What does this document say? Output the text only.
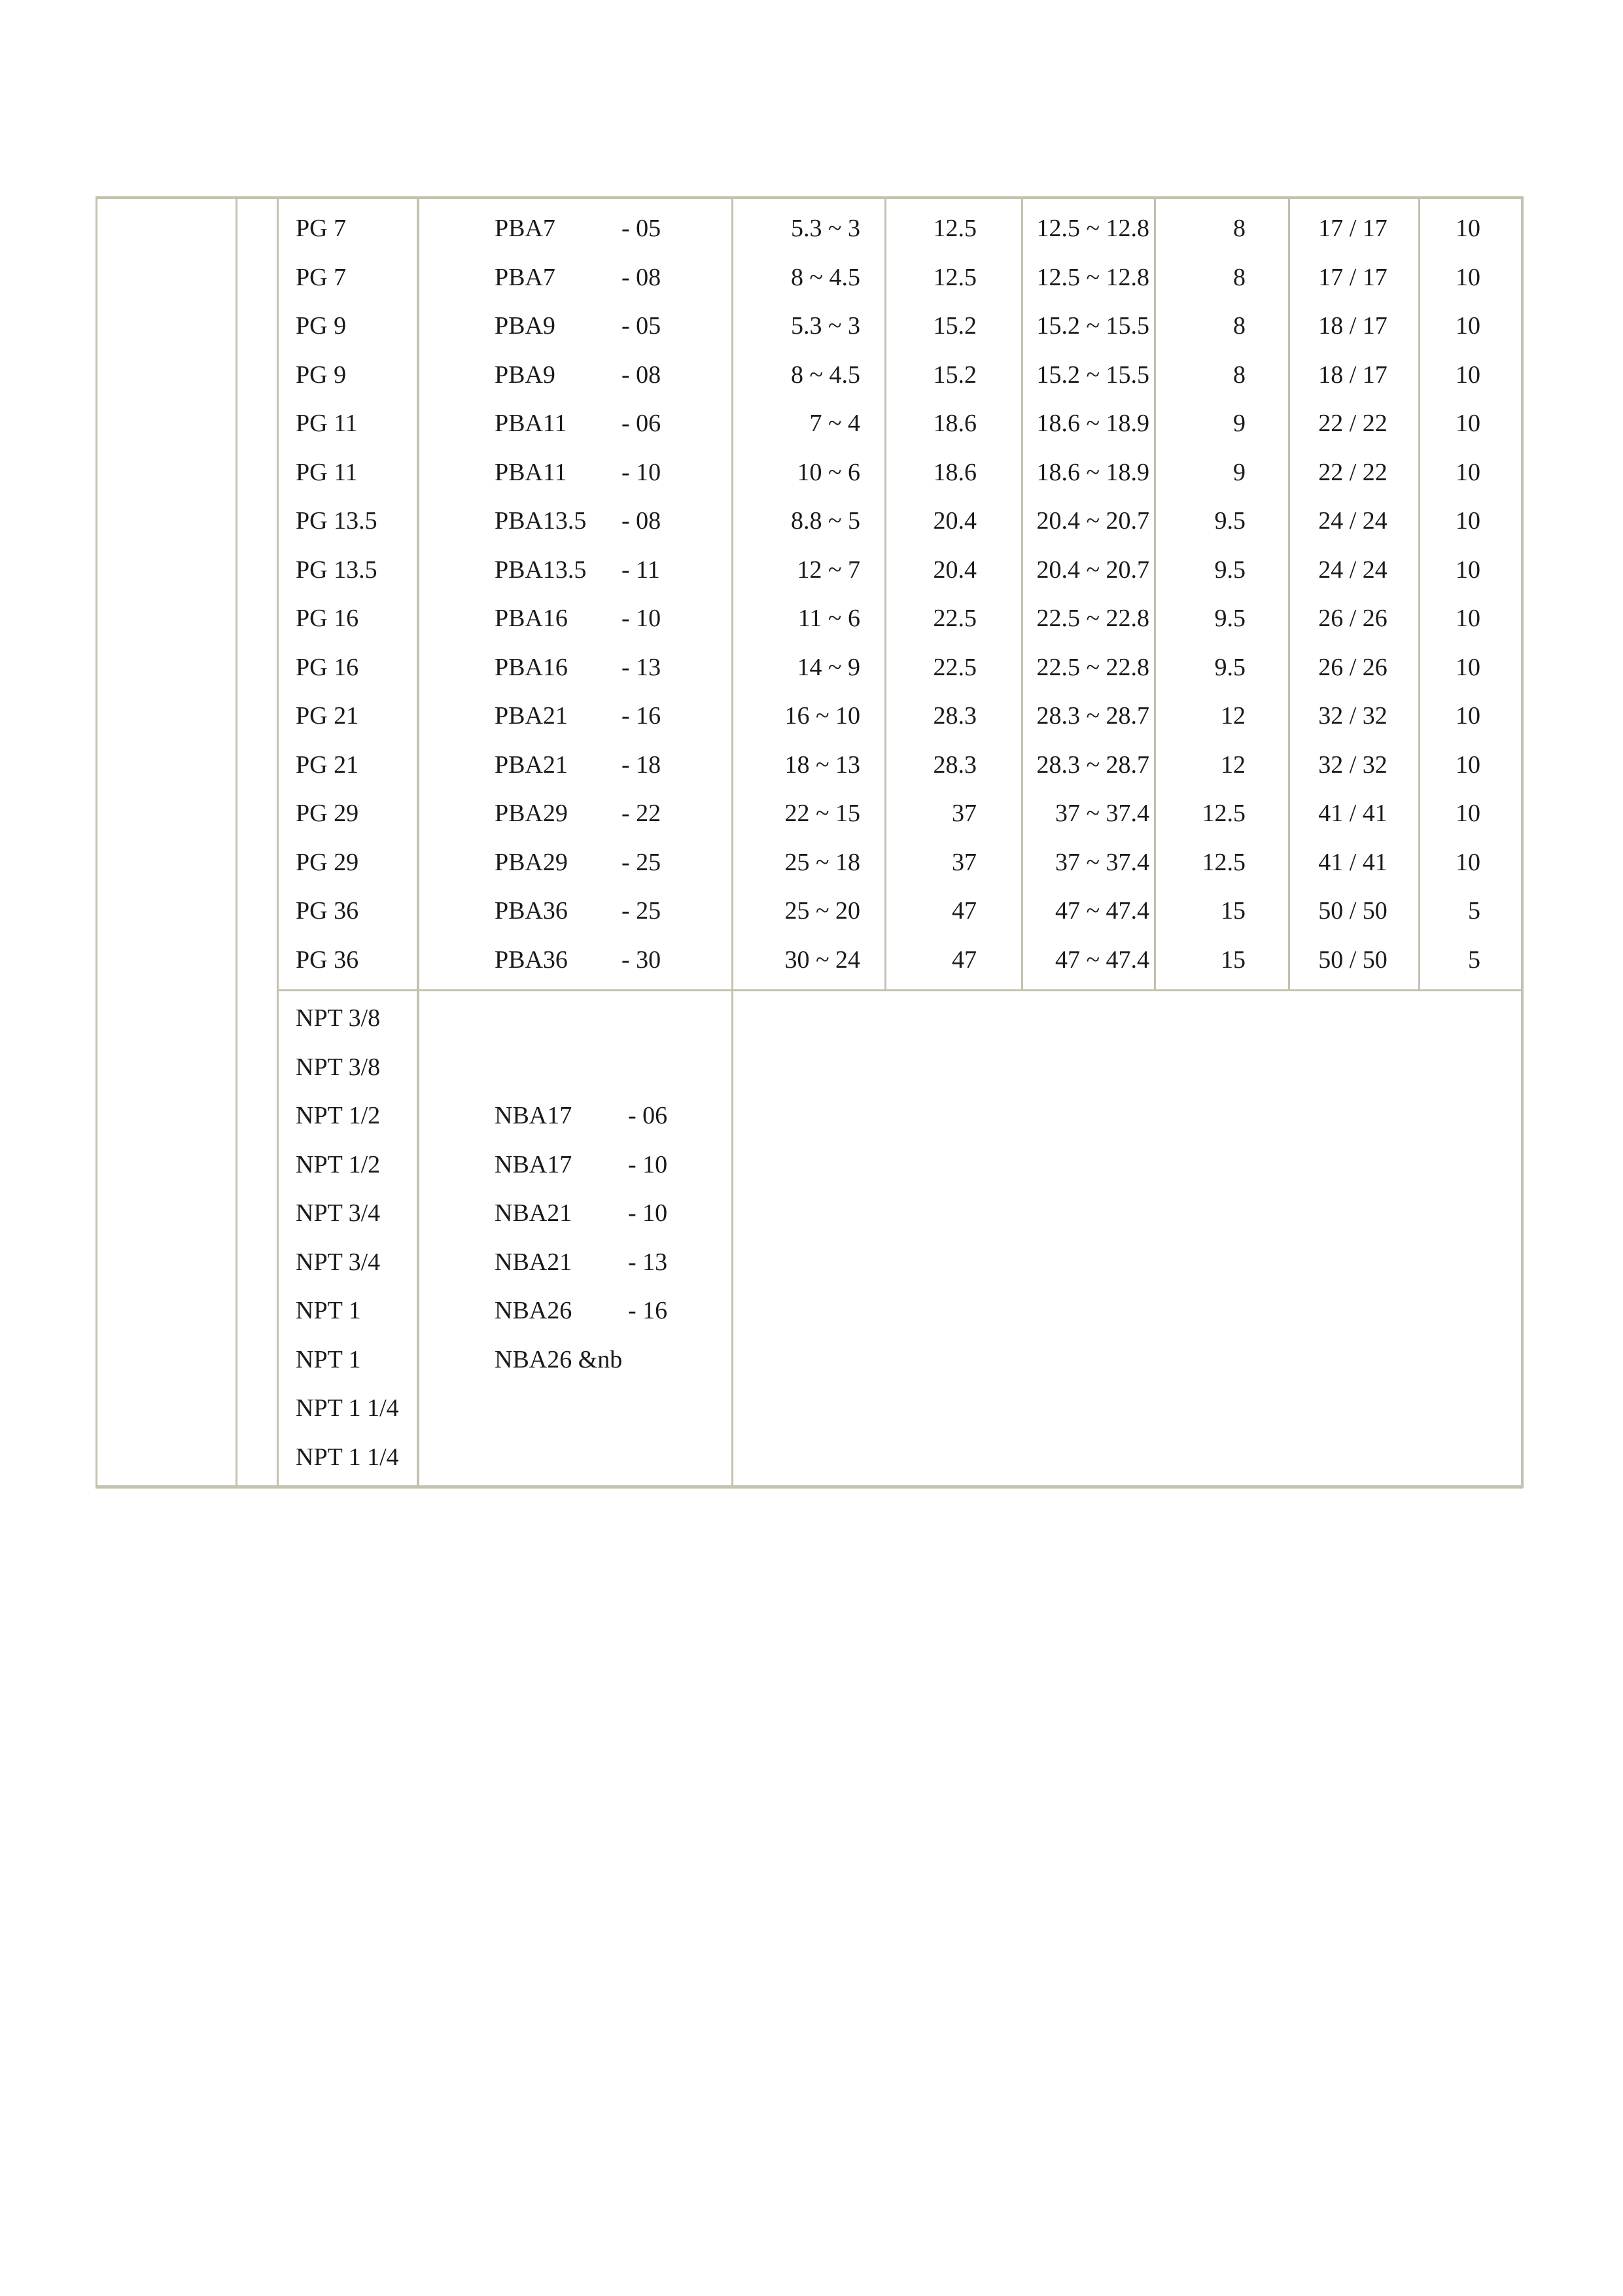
PG 7	PBA7	- 05	5.3 ~ 3	12.5	12.5 ~ 12.8	8	17 / 17	10
PG 7	PBA7	- 08	8 ~ 4.5	12.5	12.5 ~ 12.8	8	17 / 17	10
PG 9	PBA9	- 05	5.3 ~ 3	15.2	15.2 ~ 15.5	8	18 / 17	10
PG 9	PBA9	- 08	8 ~ 4.5	15.2	15.2 ~ 15.5	8	18 / 17	10
PG 11	PBA11 - 06	7 ~ 4	18.6	18.6 ~ 18.9	9	22 / 22	10
PG 11	PBA11 - 10	10 ~ 6	18.6	18.6 ~ 18.9	9	22 / 22	10
PG 13.5	PBA13.5 - 08	8.8 ~ 5	20.4	20.4 ~ 20.7	9.5	24 / 24	10
PG 13.5	PBA13.5 - 11	12 ~ 7	20.4	20.4 ~ 20.7	9.5	24 / 24	10
PG 16	PBA16 - 10	11 ~ 6	22.5	22.5 ~ 22.8	9.5	26 / 26	10
PG 16	PBA16 - 13	14 ~ 9	22.5	22.5 ~ 22.8	9.5	26 / 26	10
PG 21	PBA21 - 16	16 ~ 10	28.3	28.3 ~ 28.7	12	32 / 32	10
PG 21	PBA21 - 18	18 ~ 13	28.3	28.3 ~ 28.7	12	32 / 32	10
PG 29	PBA29 - 22	22 ~ 15	37	37 ~ 37.4	12.5	41 / 41	10
PG 29	PBA29 - 25	25 ~ 18	37	37 ~ 37.4	12.5	41 / 41	10
PG 36	PBA36 - 25	25 ~ 20	47	47 ~ 47.4	15	50 / 50	5
PG 36	PBA36 - 30	30 ~ 24	47	47 ~ 47.4	15	50 / 50	5
NPT 3/8
NPT 3/8
NPT 1/2	NBA17 - 06
NPT 1/2	NBA17 - 10
NPT 3/4	NBA21 - 10
NPT 3/4	NBA21 - 13
NPT 1	NBA26 - 16
NPT 1	NBA26 &nb
NPT 1 1/4
NPT 1 1/4
